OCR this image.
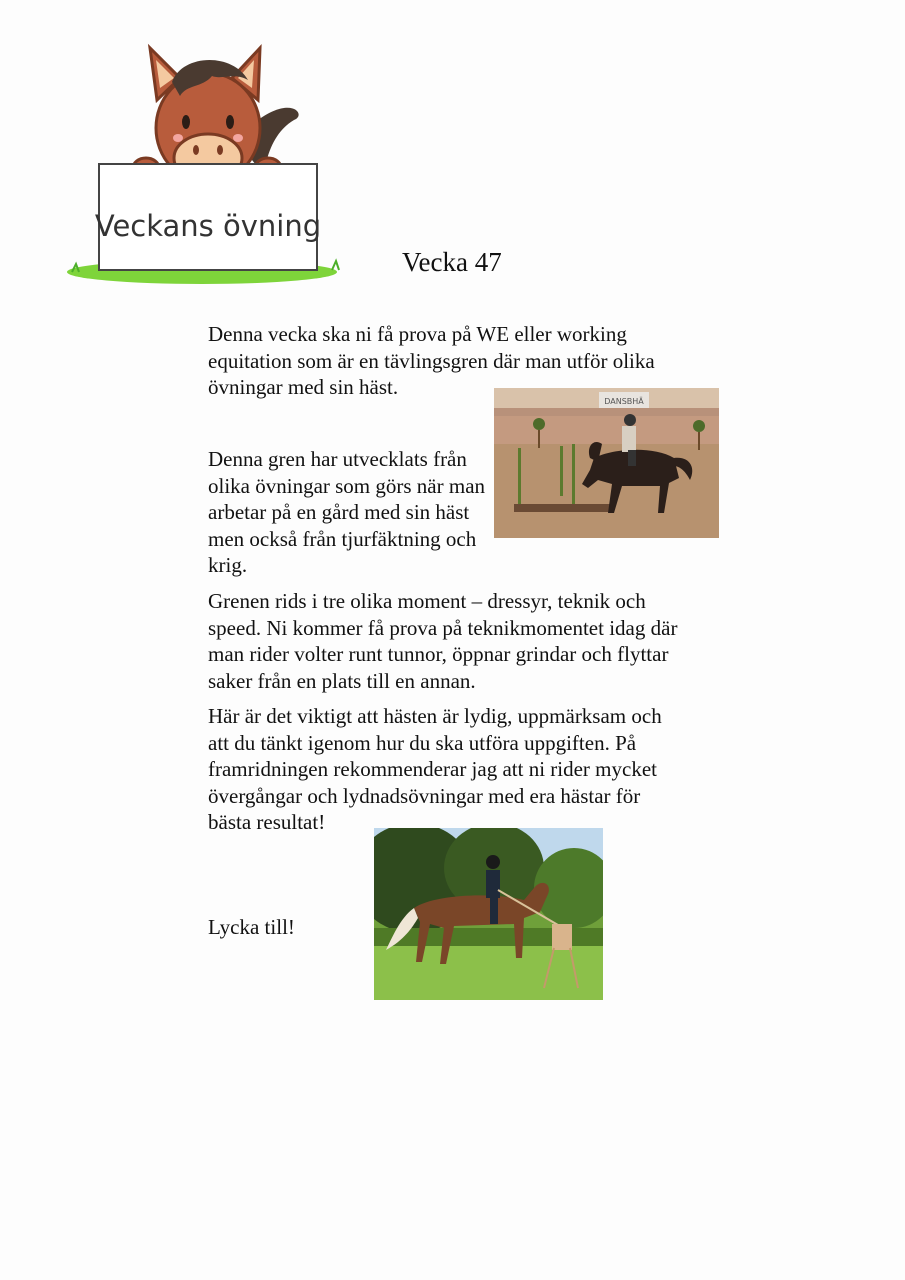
Veckans övning
Vecka 47

Denna vecka ska ni få prova på WE eller working equitation som är en tävlingsgren där man utför olika övningar med sin häst.

DANSBHÄ

Denna gren har utvecklats från olika övningar som görs när man arbetar på en gård med sin häst men också från tjurfäktning och krig.

Grenen rids i tre olika moment – dressyr, teknik och speed. Ni kommer få prova på teknikmomentet idag där man rider volter runt tunnor, öppnar grindar och flyttar saker från en plats till en annan.

Här är det viktigt att hästen är lydig, uppmärksam och att du tänkt igenom hur du ska utföra uppgiften. På framridningen rekommenderar jag att ni rider mycket övergångar och lydnadsövningar med era hästar för bästa resultat!

Lycka till!
